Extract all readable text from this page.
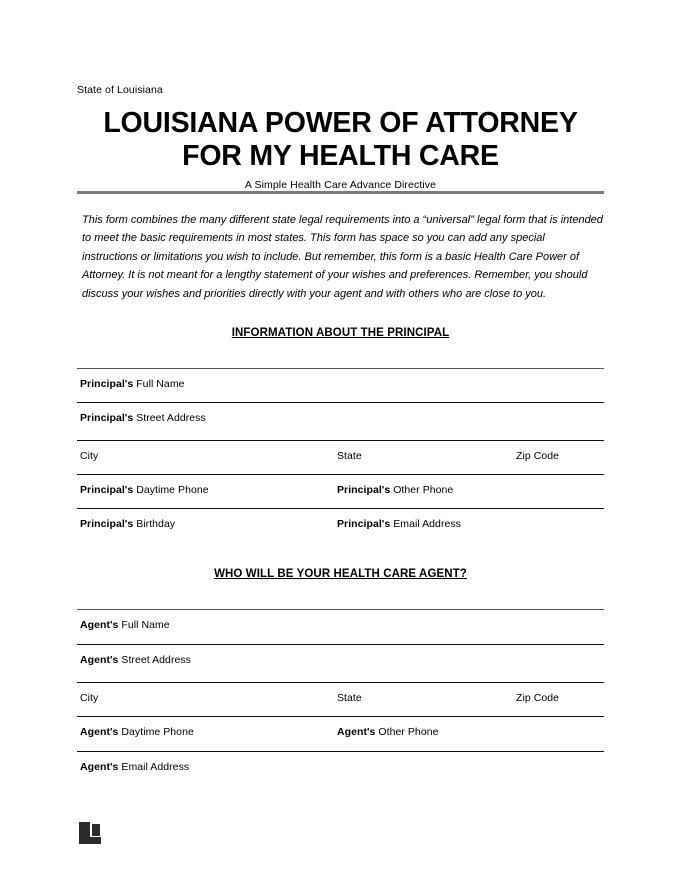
State of Louisiana
LOUISIANA POWER OF ATTORNEY
FOR MY HEALTH CARE
A Simple Health Care Advance Directive
This form combines the many different state legal requirements into a “universal” legal form that is intended to meet the basic requirements in most states. This form has space so you can add any special instructions or limitations you wish to include. But remember, this form is a basic Health Care Power of Attorney. It is not meant for a lengthy statement of your wishes and preferences. Remember, you should discuss your wishes and priorities directly with your agent and with others who are close to you.
INFORMATION ABOUT THE PRINCIPAL
WHO WILL BE YOUR HEALTH CARE AGENT?
Principal's Full Name
Principal's Street Address
City	State	Zip Code
Principal's Daytime Phone	Principal's Other Phone
Principal's Birthday	Principal's Email Address
Agent's Full Name
Agent's Street Address
City	State	Zip Code
Agent's Daytime Phone	Agent's Other Phone
Agent's Email Address
